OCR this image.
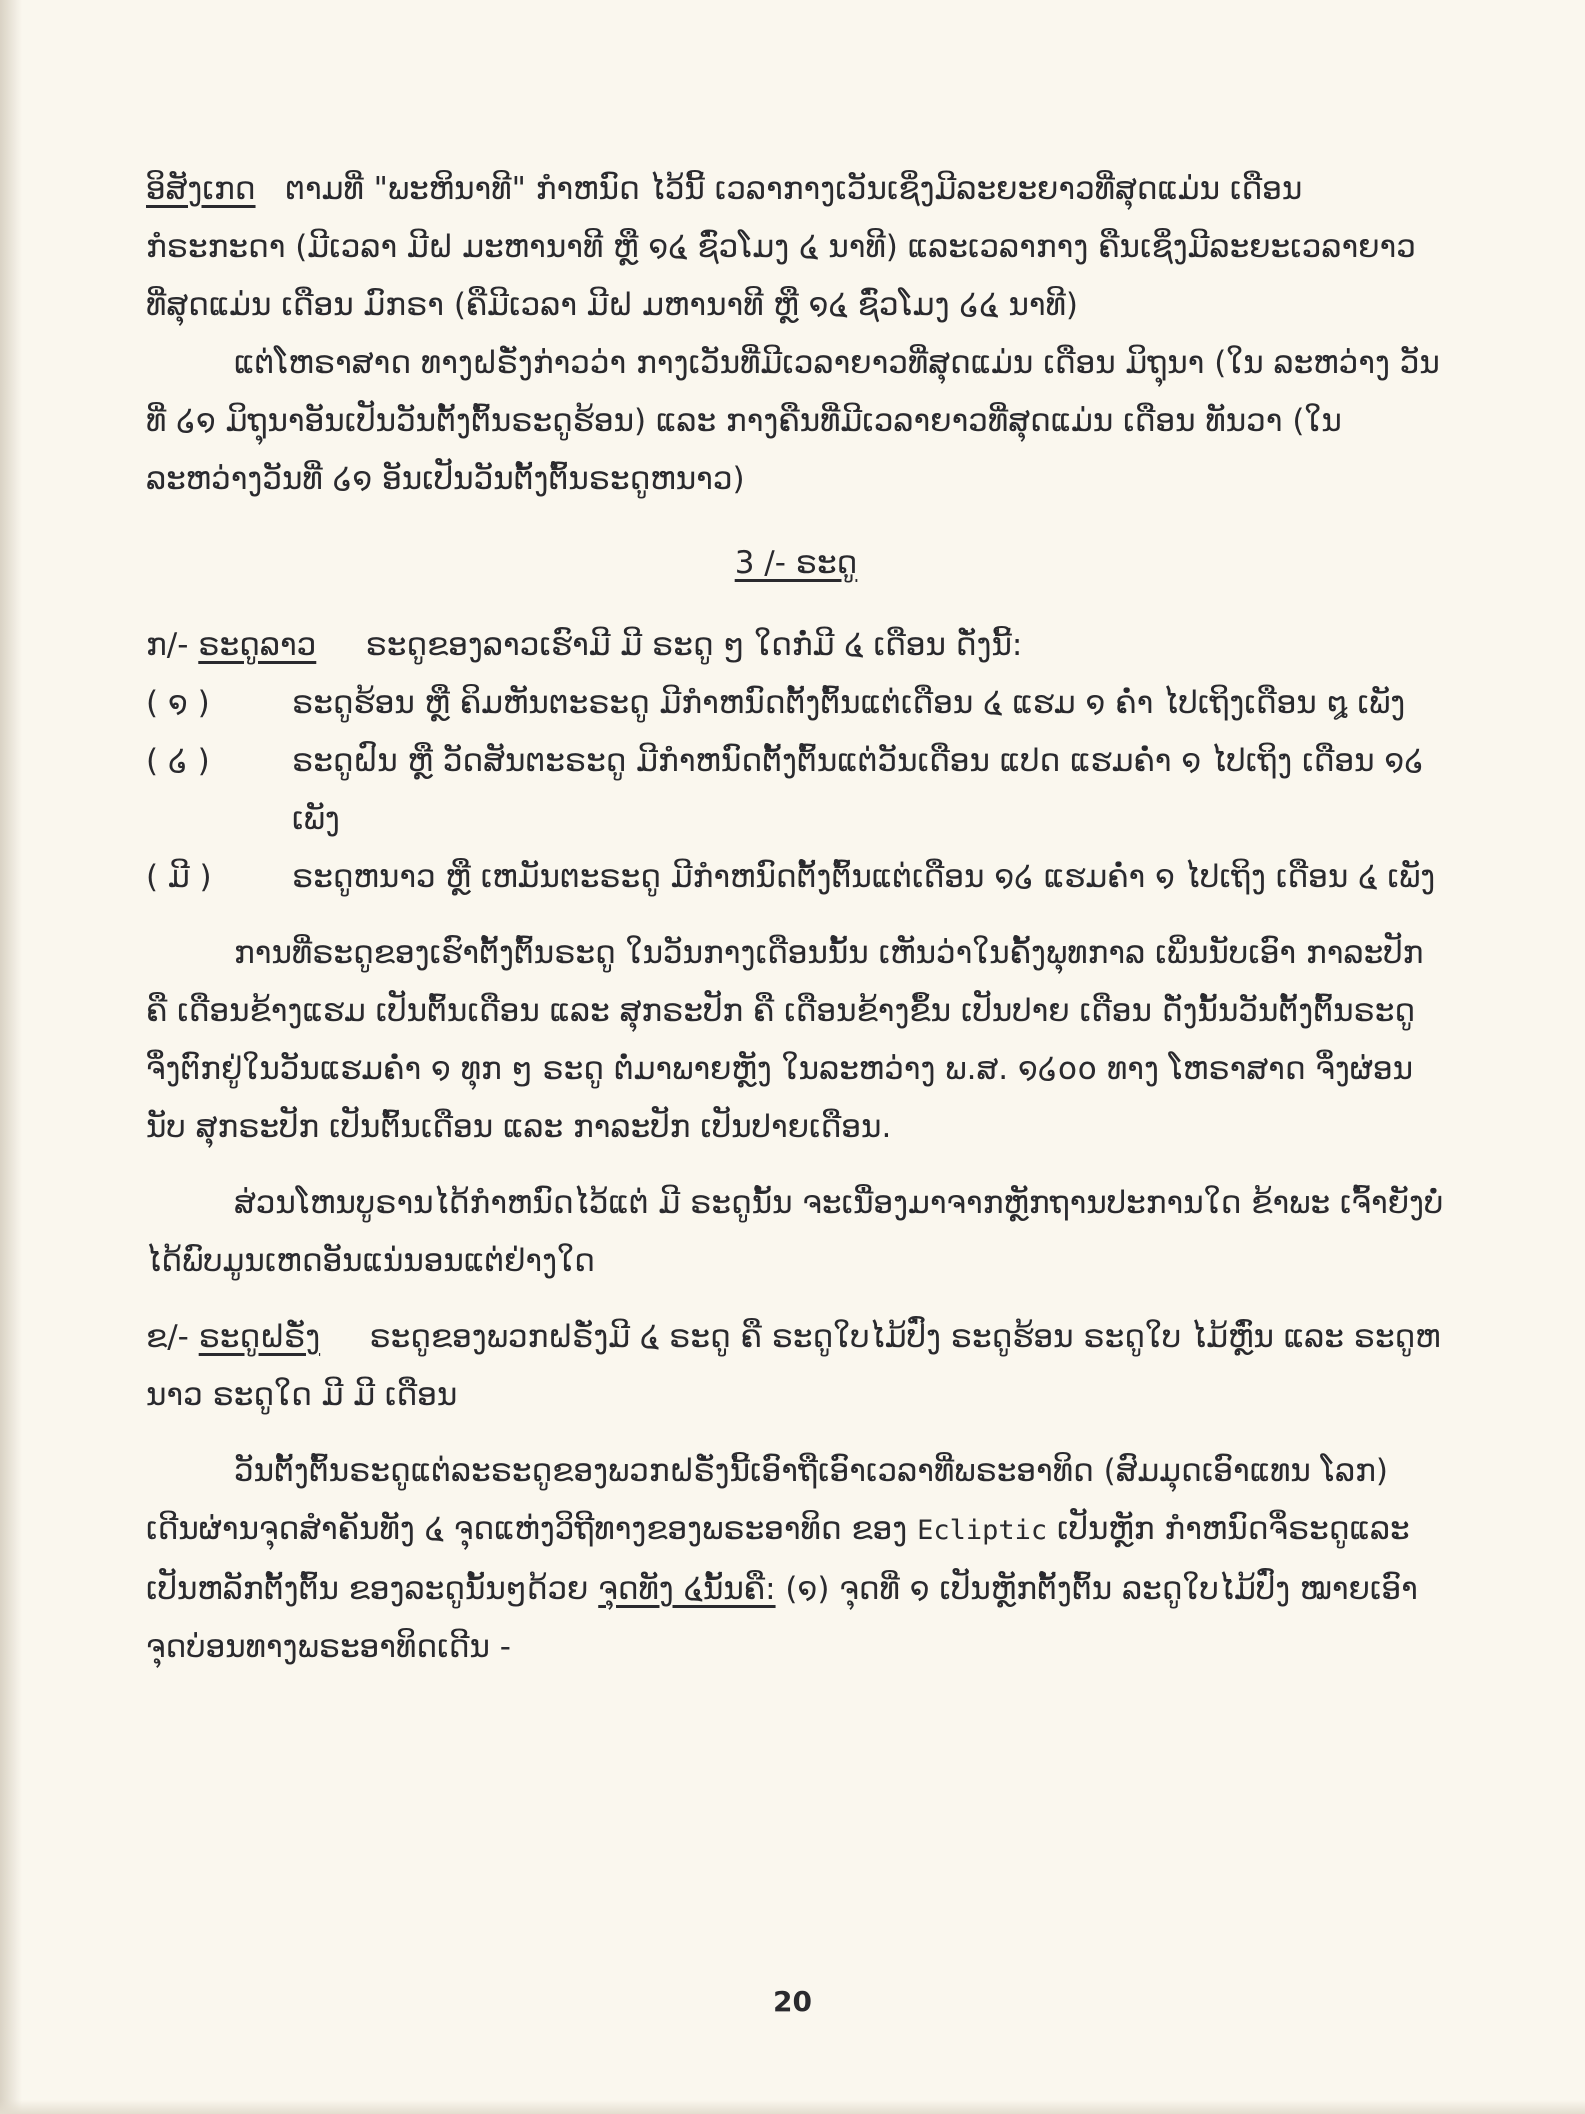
ອິສັງເກດ ຕາມທີ່ "ພະຫິນາທີ" ກໍາຫນົດ ໄວ້ນີ້ ເວລາກາງເວັນເຊິ່ງມີລະຍະຍາວທີ່ສຸດແມ່ນ ເດືອນ ກໍຣະກະດາ (ມີເວລາ ມີຝ ມະຫານາທີ ຫຼື ໑໔ ຊົ່ວໂມງ ໔ ນາທີ) ແລະເວລາກາງ ຄືນເຊິ່ງມີລະຍະເວລາຍາວທີ່ສຸດແມ່ນ ເດືອນ ມົກຣາ (ຄືມີເວລາ ມີຝ ມຫານາທີ ຫຼື ໑໔ ຊົ່ວໂມງ ໒໔ ນາທີ)

ແຕ່ໂຫຣາສາດ ທາງຝຣັ່ງກ່າວວ່າ ກາງເວັນທີ່ມີເວລາຍາວທີ່ສຸດແມ່ນ ເດືອນ ມິຖຸນາ (ໃນ ລະຫວ່າງ ວັນທີ່ ໒໑ ມິຖຸນາອັນເປັນວັນຕັ້ງຕົ້ນຣະດູຮ້ອນ) ແລະ ກາງຄືນທີ່ມີເວລາຍາວທີ່ສຸດແມ່ນ ເດືອນ ທັນວາ (ໃນລະຫວ່າງວັນທີ່ ໒໑ ອັນເປັນວັນຕັ້ງຕົ້ນຣະດູຫນາວ)

3 /- ຣະດູ

ກ/- ຣະດູລາວ ຣະດູຂອງລາວເຮົາມີ ມີ ຣະດູ ໆ ໃດກໍ່ມີ ໔ ເດືອນ ດັ່ງນີ້:

( ໑ )	ຣະດູຮ້ອນ ຫຼື ຄິມຫັນຕະຣະດູ ມີກໍາຫນົດຕັ້ງຕົ້ນແຕ່ເດືອນ ໔ ແຮມ ໑ ຄໍ່າ ໄປເຖິງເດືອນ ໘ ເພັງ
( ໒ )	ຣະດູຝົນ ຫຼື ວັດສັນຕະຣະດູ ມີກໍາຫນົດຕັ້ງຕົ້ນແຕ່ວັນເດືອນ ແປດ ແຮມຄໍ່າ ໑ ໄປເຖິງ ເດືອນ ໑໒ ເພັງ
( ມີ )	ຣະດູຫນາວ ຫຼື ເຫມັນຕະຣະດູ ມີກໍາຫນົດຕັ້ງຕົ້ນແຕ່ເດືອນ ໑໒ ແຮມຄໍ່າ ໑ ໄປເຖິງ ເດືອນ ໔ ເພັງ

ການທີ່ຣະດູຂອງເຮົາຕັ້ງຕົ້ນຣະດູ ໃນວັນກາງເດືອນນັ້ນ ເຫັນວ່າໃນຄັ້ງພຸທກາລ ເພິ່ນນັບເອົາ ກາລະປັກ ຄື ເດືອນຂ້າງແຮມ ເປັນຕົ້ນເດືອນ ແລະ ສຸກຣະປັກ ຄື ເດືອນຂ້າງຂຶ້ນ ເປັນປາຍ ເດືອນ ດັ່ງນັ້ນວັນຕັ້ງຕົ້ນຣະດູຈຶ່ງຕົກຢູ່ໃນວັນແຮມຄໍ່າ ໑ ທຸກ ໆ ຣະດູ ຕໍ່ມາພາຍຫຼັງ ໃນລະຫວ່າງ ພ.ສ. ໑໒໐໐ ທາງ ໂຫຣາສາດ ຈຶ່ງຜ່ອນນັບ ສຸກຣະປັກ ເປັນຕົ້ນເດືອນ ແລະ ກາລະປັກ ເປັນປາຍເດືອນ.

ສ່ວນໂຫນບູຣານໄດ້ກໍາຫນົດໄວ້ແຕ່ ມີ ຣະດູນັ້ນ ຈະເນື່ອງມາຈາກຫຼັກຖານປະການໃດ ຂ້າພະ ເຈົ້າຍັງບໍ່ໄດ້ພົບມູນເຫດອັນແນ່ນອນແຕ່ຢ່າງໃດ

ຂ/- ຣະດູຝຣັ່ງ ຣະດູຂອງພວກຝຣັ່ງມີ ໔ ຣະດູ ຄື ຣະດູໃບໄມ້ປົ່ງ ຣະດູຮ້ອນ ຣະດູໃບ ໄມ້ຫຼົ່ນ ແລະ ຣະດູຫນາວ ຣະດູໃດ ມີ ມີ ເດືອນ

ວັນຕັ້ງຕົ້ນຣະດູແຕ່ລະຣະດູຂອງພວກຝຣັ່ງນີ້ເອົາຖືເອົາເວລາທີ່ພຣະອາທິດ (ສົມມຸດເອົາແທນ ໂລກ) ເດີນຜ່ານຈຸດສໍາຄັນທັງ ໔ ຈຸດແຫ່ງວິຖີທາງຂອງພຣະອາທິດ ຂອງ Ecliptic ເປັນຫຼັກ ກໍາຫນົດຈຶ່ຣະດູແລະເປັນຫລັກຕັ້ງຕົ້ນ ຂອງລະດູນັ້ນໆດ້ວຍ ຈຸດທັງ ໔ນັ້ນຄື: (໑) ຈຸດທີ່ ໑ ເປັນຫຼັກຕັ້ງຕົ້ນ ລະດູໃບໄມ້ປົ່ງ ໝາຍເອົາຈຸດບ່ອນທາງພຣະອາທິດເດີນ -

20
